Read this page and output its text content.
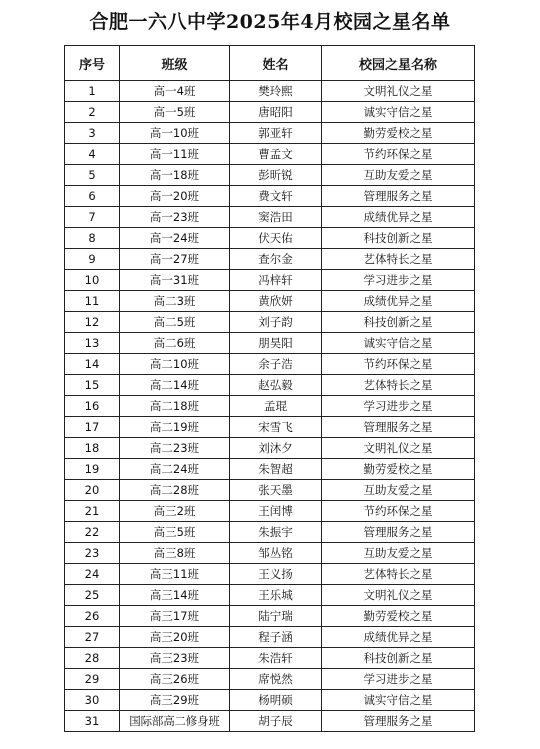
合肥一六八中学2025年4月校园之星名单
序号	班级	姓名	校园之星名称
1	高一4班	樊玲熙	文明礼仪之星
2	高一5班	唐昭阳	诚实守信之星
3	高一10班	郭亚轩	勤劳爱校之星
4	高一11班	曹孟文	节约环保之星
5	高一18班	彭昕锐	互助友爱之星
6	高一20班	费文轩	管理服务之星
7	高一23班	窦浩田	成绩优异之星
8	高一24班	伏天佑	科技创新之星
9	高一27班	查尔金	艺体特长之星
10	高一31班	冯梓轩	学习进步之星
11	高二3班	黄欣妍	成绩优异之星
12	高二5班	刘子韵	科技创新之星
13	高二6班	朋昊阳	诚实守信之星
14	高二10班	余子浩	节约环保之星
15	高二14班	赵弘毅	艺体特长之星
16	高二18班	孟琨	学习进步之星
17	高二19班	宋雪飞	管理服务之星
18	高二23班	刘沐夕	文明礼仪之星
19	高二24班	朱智超	勤劳爱校之星
20	高二28班	张天墨	互助友爱之星
21	高三2班	王闰博	节约环保之星
22	高三5班	朱振宇	管理服务之星
23	高三8班	邹丛铭	互助友爱之星
24	高三11班	王义扬	艺体特长之星
25	高三14班	王乐城	文明礼仪之星
26	高三17班	陆宁瑞	勤劳爱校之星
27	高三20班	程子涵	成绩优异之星
28	高三23班	朱浩轩	科技创新之星
29	高三26班	席悦然	学习进步之星
30	高三29班	杨明硕	诚实守信之星
31	国际部高二修身班	胡子辰	管理服务之星
